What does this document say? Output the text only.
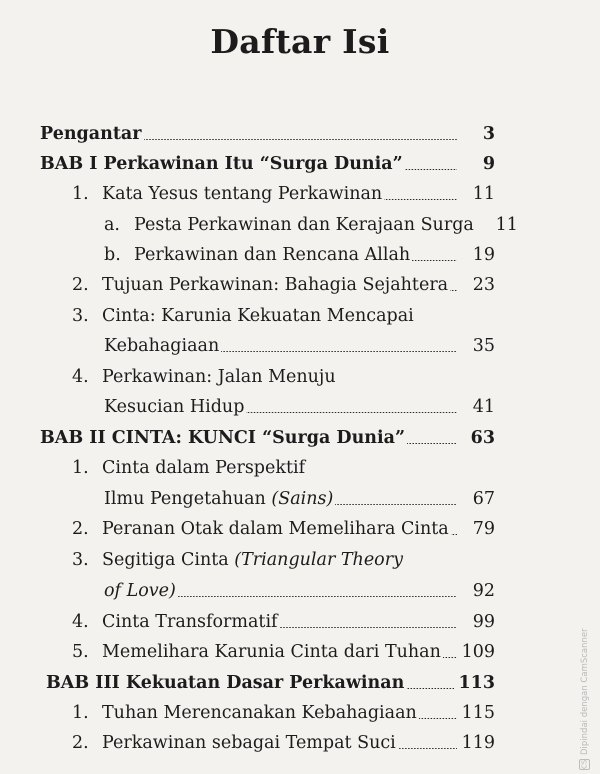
Daftar Isi
Pengantar	3
BAB I Perkawinan Itu “Surga Dunia”	9
1. Kata Yesus tentang Perkawinan	11
a. Pesta Perkawinan dan Kerajaan Surga	11
b. Perkawinan dan Rencana Allah	19
2. Tujuan Perkawinan: Bahagia Sejahtera	23
3. Cinta: Karunia Kekuatan Mencapai
Kebahagiaan	35
4. Perkawinan: Jalan Menuju
Kesucian Hidup	41
BAB II CINTA: KUNCI “Surga Dunia”	63
1. Cinta dalam Perspektif
Ilmu Pengetahuan (Sains)	67
2. Peranan Otak dalam Memelihara Cinta	79
3. Segitiga Cinta (Triangular Theory
of Love)	92
4. Cinta Transformatif	99
5. Memelihara Karunia Cinta dari Tuhan 109
BAB III Kekuatan Dasar Perkawinan	113
1. Tuhan Merencanakan Kebahagiaan	115
2. Perkawinan sebagai Tempat Suci	119
CS
Dipindai dengan CamScanner
